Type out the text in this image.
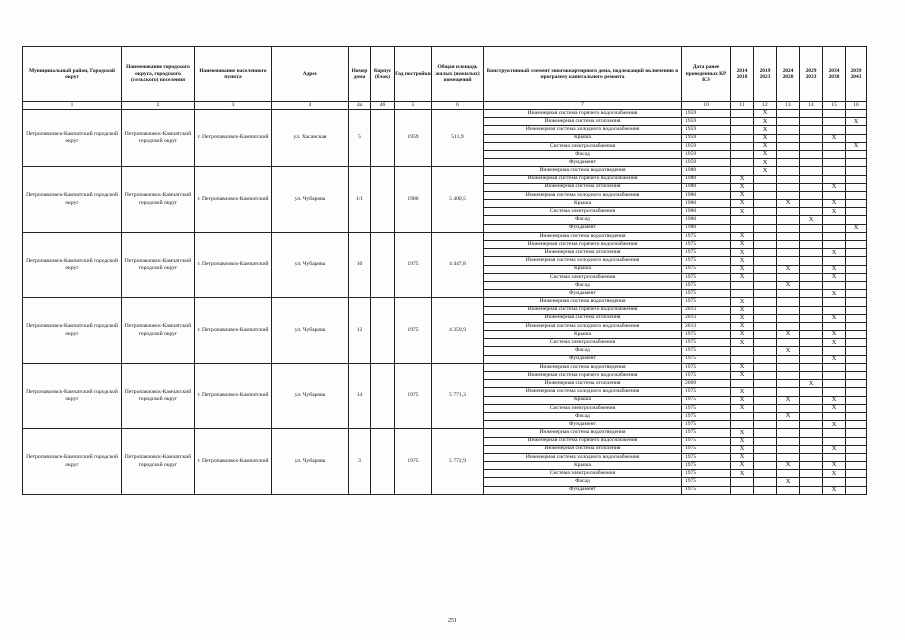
Муниципальный район, Городской округ	Наименование городского округа, городского (сельского) поселения	Наименование населенного пункта	Адрес	Номер дома	Корпус (блок)	Год постройки	Общая площадь жилых (нежилых) помещений	Конструктивный элемент многоквартирного дома, подлежащий включению в программу капитального ремонта	Дата ранее проведенных КР КЭ	2014 2018	2019 2023	2024 2028	2029 2033	2034 2038	2039 2043
1	2	3	4	4а	4б	5	6	7	10	11	12	13	14	15	16
Петропавловск-Камчатский городской округ	Петропавловск-Камчатский городской округ	г. Петропавловск-Камчатский	ул. Хасанская	5		1959	511,9	Инженерная система горячего водоснабжения	1959		X				
								Инженерная система отопления	1959		X				X
								Инженерная система холодного водоснабжения	1959		X				
								Крыша	1959		X			X	
								Система электроснабжения	1959		X				X
								Фасад	1959		X				
								Фундамент	1959		X				
Петропавловск-Камчатский городской округ	Петропавловск-Камчатский городской округ	г. Петропавловск-Камчатский	ул. Чубарова	1/1		1980	5 400,5	Инженерная система водоотведения	1980		X				
								Инженерная система горячего водоснабжения	1980	X					
								Инженерная система отопления	1980	X				X	
								Инженерная система холодного водоснабжения	1980	X					
								Крыша	1980	X		X		X	
								Система электроснабжения	1980	X				X	
								Фасад	1980				X		
								Фундамент	1980						X
Петропавловск-Камчатский городской округ	Петропавловск-Камчатский городской округ	г. Петропавловск-Камчатский	ул. Чубарова	10		1975	4 447,8	Инженерная система водоотведения	1975	X					
								Инженерная система горячего водоснабжения	1975	X					
								Инженерная система отопления	1975	X				X	
								Инженерная система холодного водоснабжения	1975	X					
								Крыша	1975	X		X		X	
								Система электроснабжения	1975	X				X	
								Фасад	1975			X			
								Фундамент	1975					X	
Петропавловск-Камчатский городской округ	Петропавловск-Камчатский городской округ	г. Петропавловск-Камчатский	ул. Чубарова	12		1975	4 359,9	Инженерная система водоотведения	1975	X					
								Инженерная система горячего водоснабжения	2013	X					
								Инженерная система отопления	2013	X				X	
								Инженерная система холодного водоснабжения	2013	X					
								Крыша	1975	X		X		X	
								Система электроснабжения	1975	X				X	
								Фасад	1975			X			
								Фундамент	1975					X	
Петропавловск-Камчатский городской округ	Петропавловск-Камчатский городской округ	г. Петропавловск-Камчатский	ул. Чубарова	14		1975	5 771,3	Инженерная система водоотведения	1975	X					
								Инженерная система горячего водоснабжения	1975	X					
								Инженерная система отопления	2009				X		
								Инженерная система холодного водоснабжения	1975	X					
								Крыша	1975	X		X		X	
								Система электроснабжения	1975	X				X	
								Фасад	1975			X			
								Фундамент	1975					X	
Петропавловск-Камчатский городской округ	Петропавловск-Камчатский городской округ	г. Петропавловск-Камчатский	ул. Чубарова	3		1975	5 772,9	Инженерная система водоотведения	1975	X					
								Инженерная система горячего водоснабжения	1975	X					
								Инженерная система отопления	1975	X				X	
								Инженерная система холодного водоснабжения	1975	X					
								Крыша	1975	X		X		X	
								Система электроснабжения	1975	X				X	
								Фасад	1975			X			
								Фундамент	1975					X	
251
